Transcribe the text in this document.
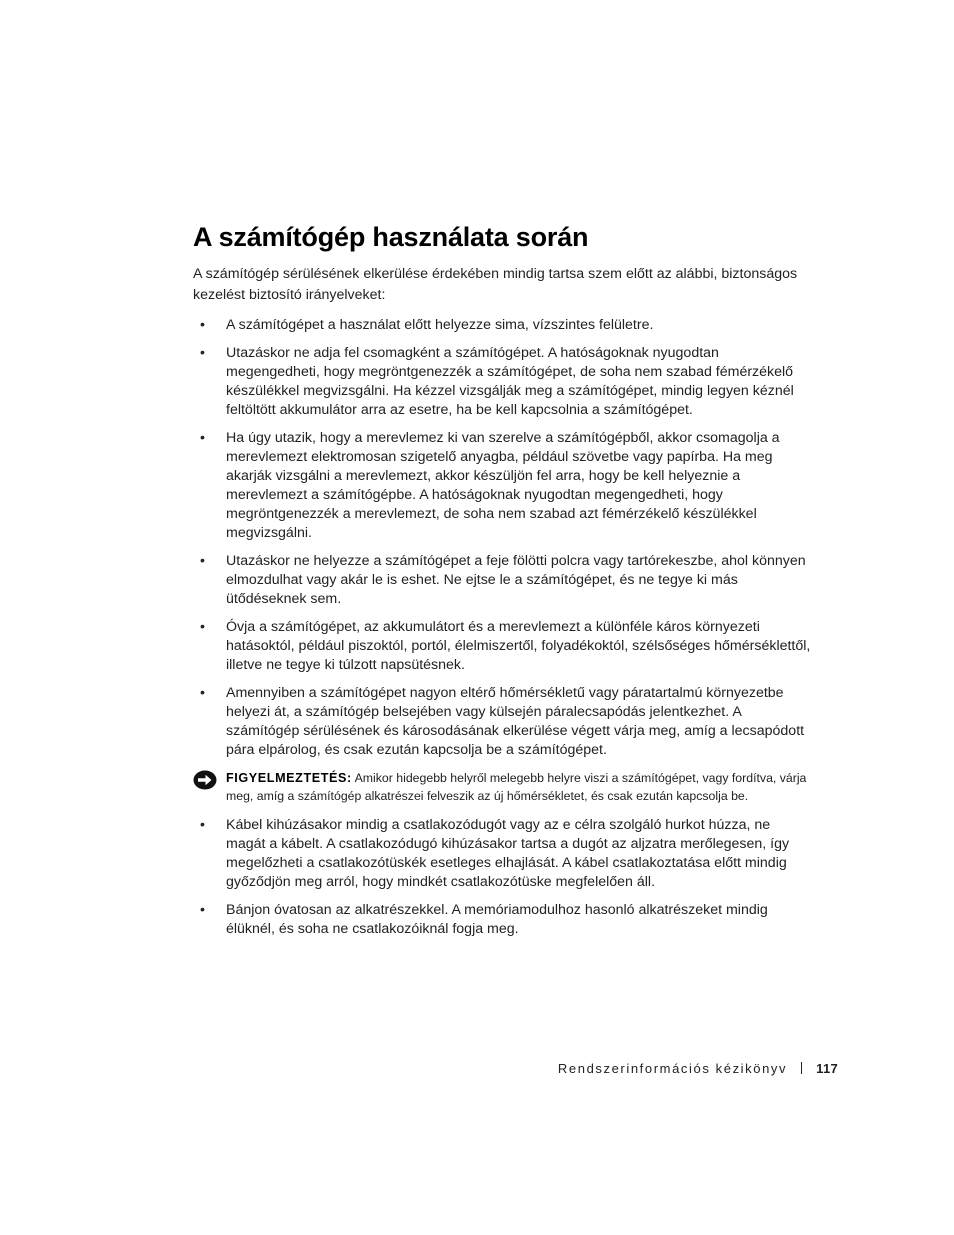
A számítógép használata során

A számítógép sérülésének elkerülése érdekében mindig tartsa szem előtt az alábbi, biztonságos kezelést biztosító irányelveket:

• A számítógépet a használat előtt helyezze sima, vízszintes felületre.
• Utazáskor ne adja fel csomagként a számítógépet. A hatóságoknak nyugodtan megengedheti, hogy megröntgenezzék a számítógépet, de soha nem szabad fémérzékelő készülékkel megvizsgálni. Ha kézzel vizsgálják meg a számítógépet, mindig legyen kéznél feltöltött akkumulátor arra az esetre, ha be kell kapcsolnia a számítógépet.
• Ha úgy utazik, hogy a merevlemez ki van szerelve a számítógépből, akkor csomagolja a merevlemezt elektromosan szigetelő anyagba, például szövetbe vagy papírba. Ha meg akarják vizsgálni a merevlemezt, akkor készüljön fel arra, hogy be kell helyeznie a merevlemezt a számítógépbe. A hatóságoknak nyugodtan megengedheti, hogy megröntgenezzék a merevlemezt, de soha nem szabad azt fémérzékelő készülékkel megvizsgálni.
• Utazáskor ne helyezze a számítógépet a feje fölötti polcra vagy tartórekeszbe, ahol könnyen elmozdulhat vagy akár le is eshet. Ne ejtse le a számítógépet, és ne tegye ki más ütődéseknek sem.
• Óvja a számítógépet, az akkumulátort és a merevlemezt a különféle káros környezeti hatásoktól, például piszoktól, portól, élelmiszertől, folyadékoktól, szélsőséges hőmérséklettől, illetve ne tegye ki túlzott napsütésnek.
• Amennyiben a számítógépet nagyon eltérő hőmérsékletű vagy páratartalmú környezetbe helyezi át, a számítógép belsejében vagy külsején páralecsapódás jelentkezhet. A számítógép sérülésének és károsodásának elkerülése végett várja meg, amíg a lecsapódott pára elpárolog, és csak ezután kapcsolja be a számítógépet.
FIGYELMEZTETÉS: Amikor hidegebb helyről melegebb helyre viszi a számítógépet, vagy fordítva, várja meg, amíg a számítógép alkatrészei felveszik az új hőmérsékletet, és csak ezután kapcsolja be.
• Kábel kihúzásakor mindig a csatlakozódugót vagy az e célra szolgáló hurkot húzza, ne magát a kábelt. A csatlakozódugó kihúzásakor tartsa a dugót az aljzatra merőlegesen, így megelőzheti a csatlakozótüskék esetleges elhajlását. A kábel csatlakoztatása előtt mindig győződjön meg arról, hogy mindkét csatlakozótüske megfelelően áll.
• Bánjon óvatosan az alkatrészekkel. A memóriamodulhoz hasonló alkatrészeket mindig élüknél, és soha ne csatlakozóiknál fogja meg.
Rendszerinformációs kézikönyv 117
